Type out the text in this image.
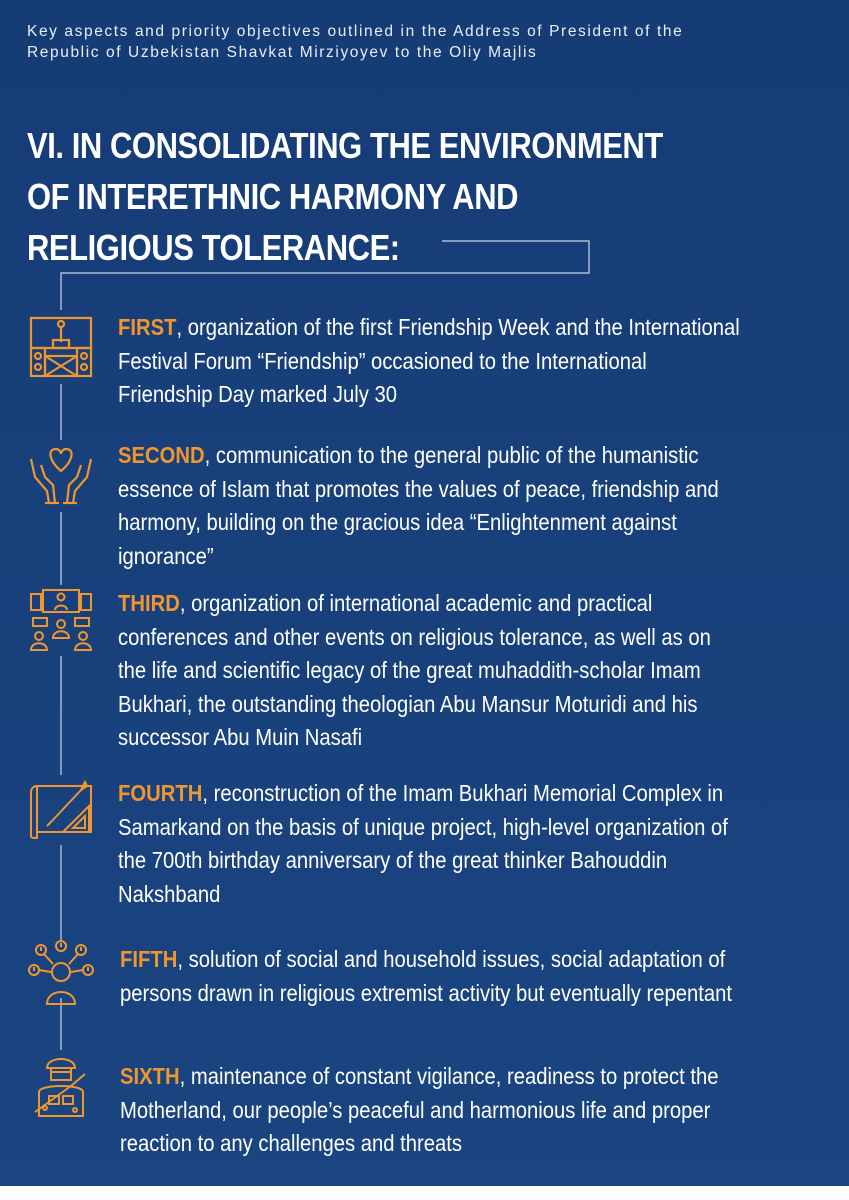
Key aspects and priority objectives outlined in the Address of President of the
Republic of Uzbekistan Shavkat Mirziyoyev to the Oliy Majlis
VI. IN CONSOLIDATING THE ENVIRONMENT
OF INTERETHNIC HARMONY AND
RELIGIOUS TOLERANCE:
FIRST, organization of the first Friendship Week and the International Festival Forum “Friendship” occasioned to the International Friendship Day marked July 30
SECOND, communication to the general public of the humanistic essence of Islam that promotes the values of peace, friendship and harmony, building on the gracious idea “Enlightenment against ignorance”
THIRD, organization of international academic and practical conferences and other events on religious tolerance, as well as on the life and scientific legacy of the great muhaddith-scholar Imam Bukhari, the outstanding theologian Abu Mansur Moturidi and his successor Abu Muin Nasafi
FOURTH, reconstruction of the Imam Bukhari Memorial Complex in Samarkand on the basis of unique project, high-level organization of the 700th birthday anniversary of the great thinker Bahouddin Nakshband
FIFTH, solution of social and household issues, social adaptation of persons drawn in religious extremist activity but eventually repentant
SIXTH, maintenance of constant vigilance, readiness to protect the Motherland, our people’s peaceful and harmonious life and proper reaction to any challenges and threats
